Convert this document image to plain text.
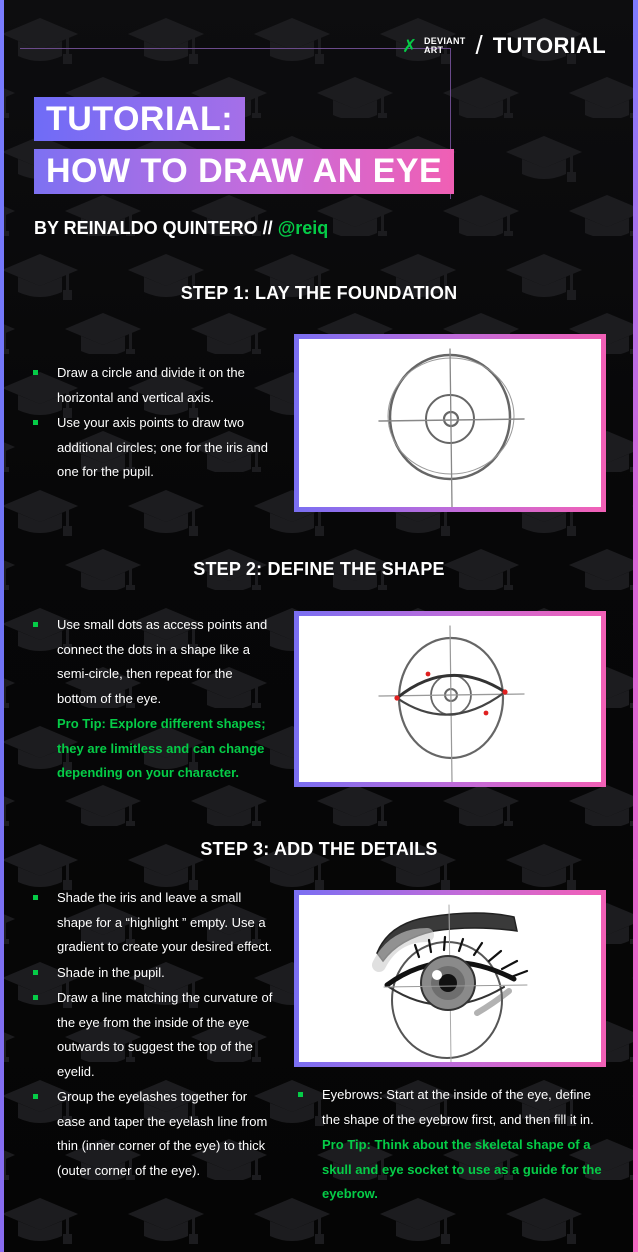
✗ DEVIANT
ART	/ TUTORIAL
TUTORIAL:
HOW TO DRAW AN EYE
BY REINALDO QUINTERO // @reiq
STEP 1: LAY THE FOUNDATION
Draw a circle and divide it on the horizontal and vertical axis.
Use your axis points to draw two additional circles; one for the iris and one for the pupil.
STEP 2: DEFINE THE SHAPE
Use small dots as access points and connect the dots in a shape like a semi-circle, then repeat for the bottom of the eye.
Pro Tip: Explore different shapes; they are limitless and can change depending on your character.
STEP 3: ADD THE DETAILS
Shade the iris and leave a small shape for a “highlight ” empty. Use a gradient to create your desired effect.
Shade in the pupil.
Draw a line matching the curvature of the eye from the inside of the eye outwards to suggest the top of the eyelid.
Group the eyelashes together for ease and taper the eyelash line from thin (inner corner of the eye) to thick (outer corner of the eye).
Eyebrows: Start at the inside of the eye, define the shape of the eyebrow first, and then fill it in.
Pro Tip: Think about the skeletal shape of a skull and eye socket to use as a guide for the eyebrow.
